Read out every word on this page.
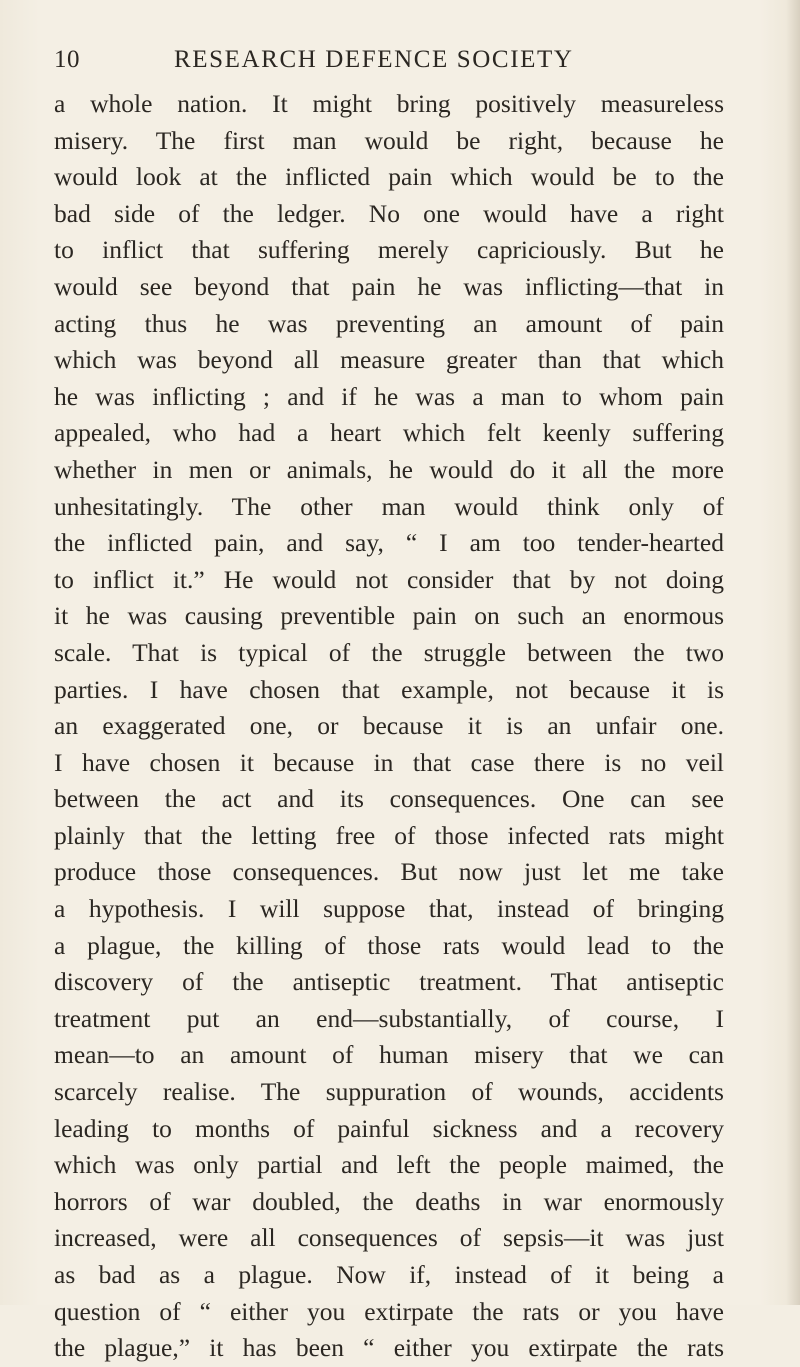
10	RESEARCH DEFENCE SOCIETY
a whole nation. It might bring positively measureless
misery. The first man would be right, because he
would look at the inflicted pain which would be to the
bad side of the ledger. No one would have a right
to inflict that suffering merely capriciously. But he
would see beyond that pain he was inflicting—that in
acting thus he was preventing an amount of pain
which was beyond all measure greater than that which
he was inflicting ; and if he was a man to whom pain
appealed, who had a heart which felt keenly suffering
whether in men or animals, he would do it all the more
unhesitatingly. The other man would think only of
the inflicted pain, and say, “ I am too tender-hearted
to inflict it.” He would not consider that by not doing
it he was causing preventible pain on such an enormous
scale. That is typical of the struggle between the two
parties. I have chosen that example, not because it is
an exaggerated one, or because it is an unfair one.
I have chosen it because in that case there is no veil
between the act and its consequences. One can see
plainly that the letting free of those infected rats might
produce those consequences. But now just let me take
a hypothesis. I will suppose that, instead of bringing
a plague, the killing of those rats would lead to the
discovery of the antiseptic treatment. That antiseptic
treatment put an end—substantially, of course, I
mean—to an amount of human misery that we can
scarcely realise. The suppuration of wounds, accidents
leading to months of painful sickness and a recovery
which was only partial and left the people maimed, the
horrors of war doubled, the deaths in war enormously
increased, were all consequences of sepsis—it was just
as bad as a plague. Now if, instead of it being a
question of “ either you extirpate the rats or you have
the plague,” it has been “ either you extirpate the rats
